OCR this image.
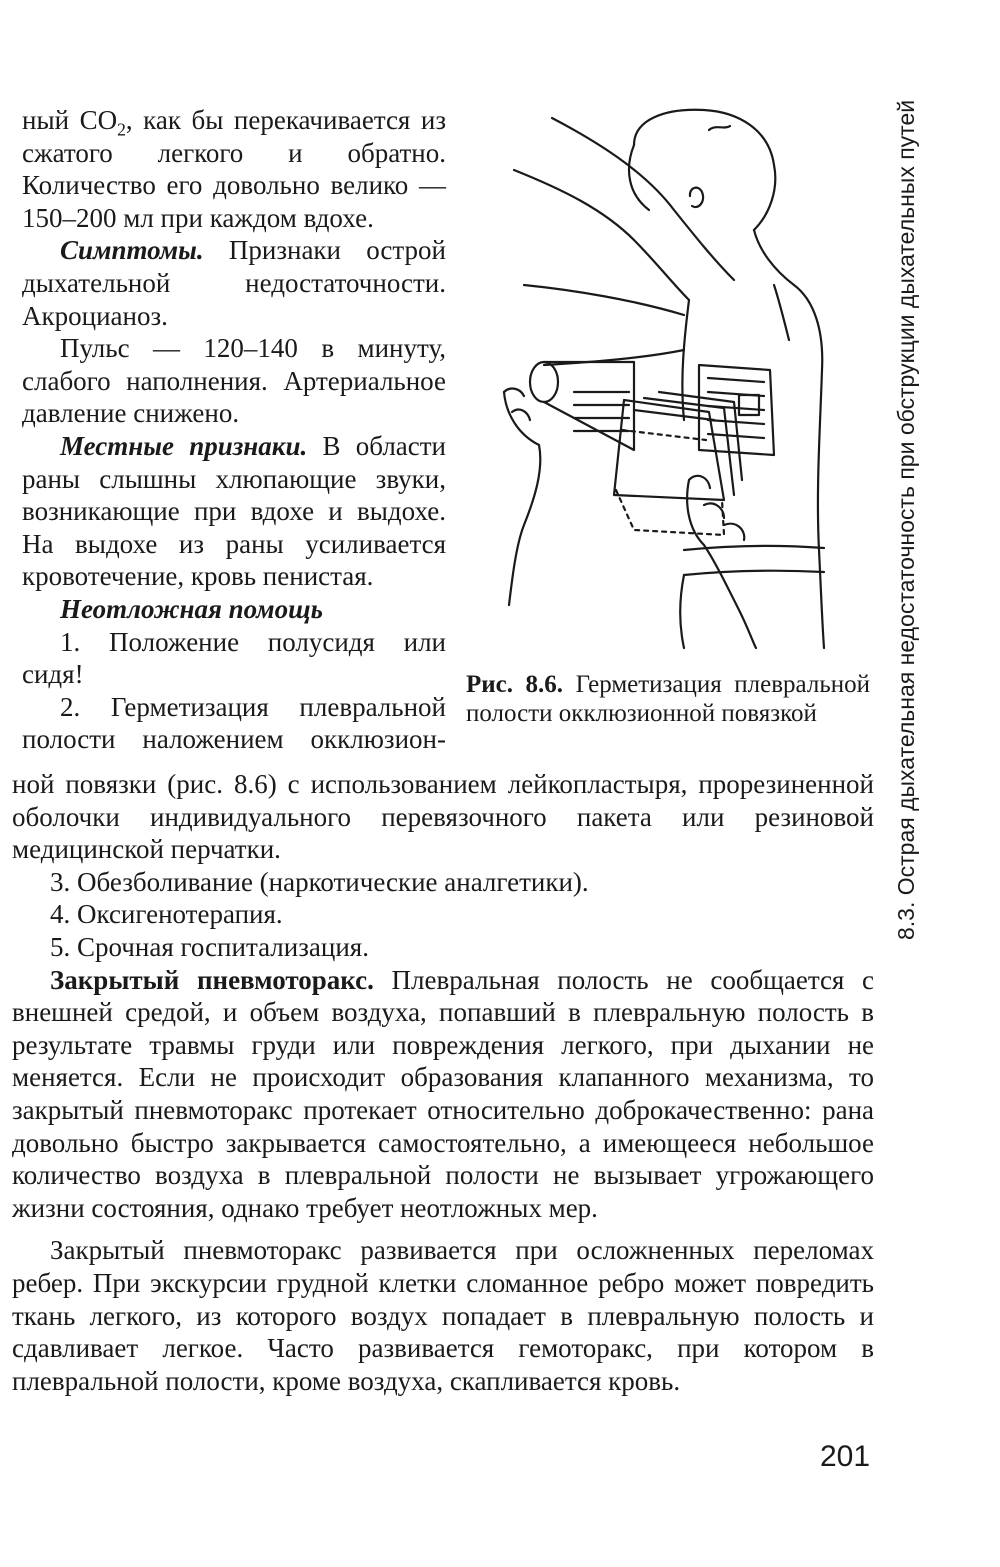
ный $CO_2$, как бы перекачивается из сжатого легкого и обратно. Количество его довольно велико — 150–200 мл при каждом вдохе.
Симптомы. Признаки острой дыхательной недостаточности. Акроцианоз.
Пульс — 120–140 в минуту, слабого наполнения. Артериальное давление снижено.
Местные признаки. В области раны слышны хлюпающие звуки, возникающие при вдохе и выдохе. На выдохе из раны усиливается кровотечение, кровь пенистая.
Неотложная помощь
1. Положение полусидя или сидя!
2. Герметизация плевральной полости наложением окклюзион-
Рис. 8.6. Герметизация плевральной полости окклюзионной повязкой
ной повязки (рис. 8.6) с использованием лейкопластыря, прорезиненной оболочки индивидуального перевязочного пакета или резиновой медицинской перчатки.
3. Обезболивание (наркотические аналгетики).
4. Оксигенотерапия.
5. Срочная госпитализация.
Закрытый пневмоторакс. Плевральная полость не сообщается с внешней средой, и объем воздуха, попавший в плевральную полость в результате травмы груди или повреждения легкого, при дыхании не меняется. Если не происходит образования клапанного механизма, то закрытый пневмоторакс протекает относительно доброкачественно: рана довольно быстро закрывается самостоятельно, а имеющееся небольшое количество воздуха в плевральной полости не вызывает угрожающего жизни состояния, однако требует неотложных мер.
Закрытый пневмоторакс развивается при осложненных переломах ребер. При экскурсии грудной клетки сломанное ребро может повредить ткань легкого, из которого воздух попадает в плевральную полость и сдавливает легкое. Часто развивается гемоторакс, при котором в плевральной полости, кроме воздуха, скапливается кровь.
8.3. Острая дыхательная недостаточность при обструкции дыхательных путей
201
